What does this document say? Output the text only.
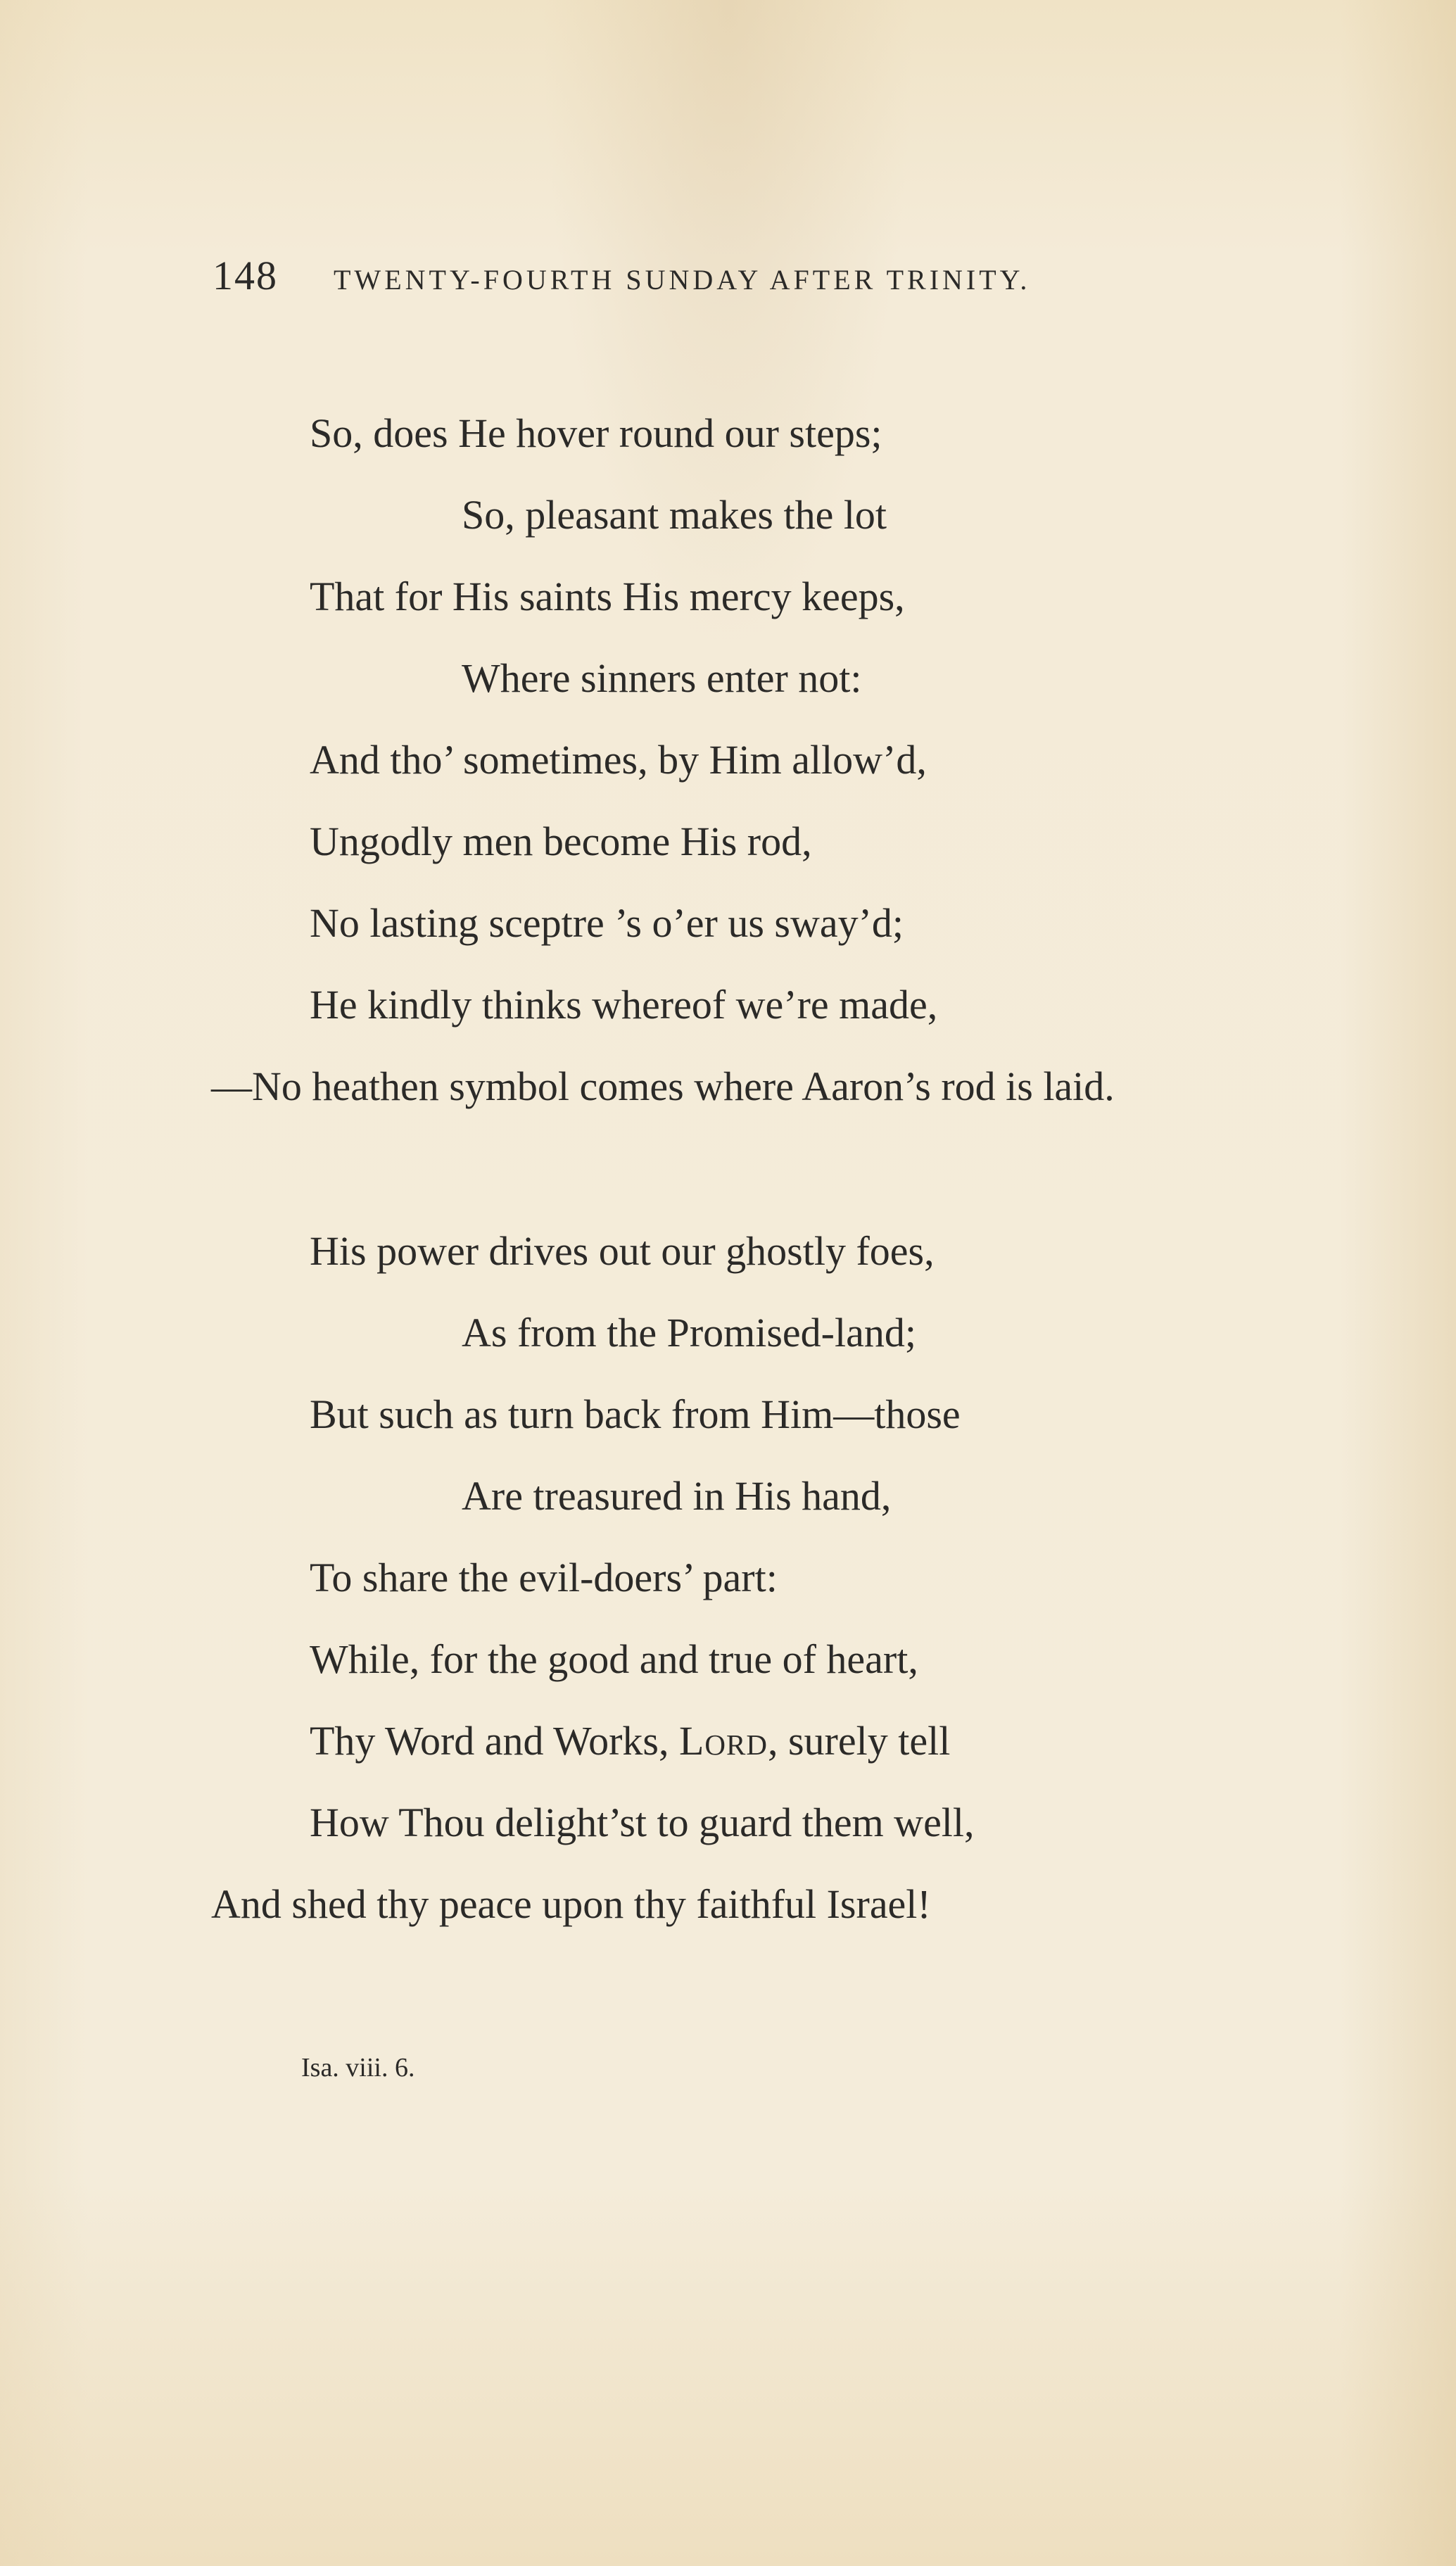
148 TWENTY-FOURTH SUNDAY AFTER TRINITY.
So, does He hover round our steps;
So, pleasant makes the lot
That for His saints His mercy keeps,
Where sinners enter not:
And tho’ sometimes, by Him allow’d,
Ungodly men become His rod,
No lasting sceptre ’s o’er us sway’d;
He kindly thinks whereof we’re made,
—No heathen symbol comes where Aaron’s rod is laid.
His power drives out our ghostly foes,
As from the Promised-land;
But such as turn back from Him—those
Are treasured in His hand,
To share the evil-doers’ part:
While, for the good and true of heart,
Thy Word and Works, Lord, surely tell
How Thou delight’st to guard them well,
And shed thy peace upon thy faithful Israel!
Isa. viii. 6.
